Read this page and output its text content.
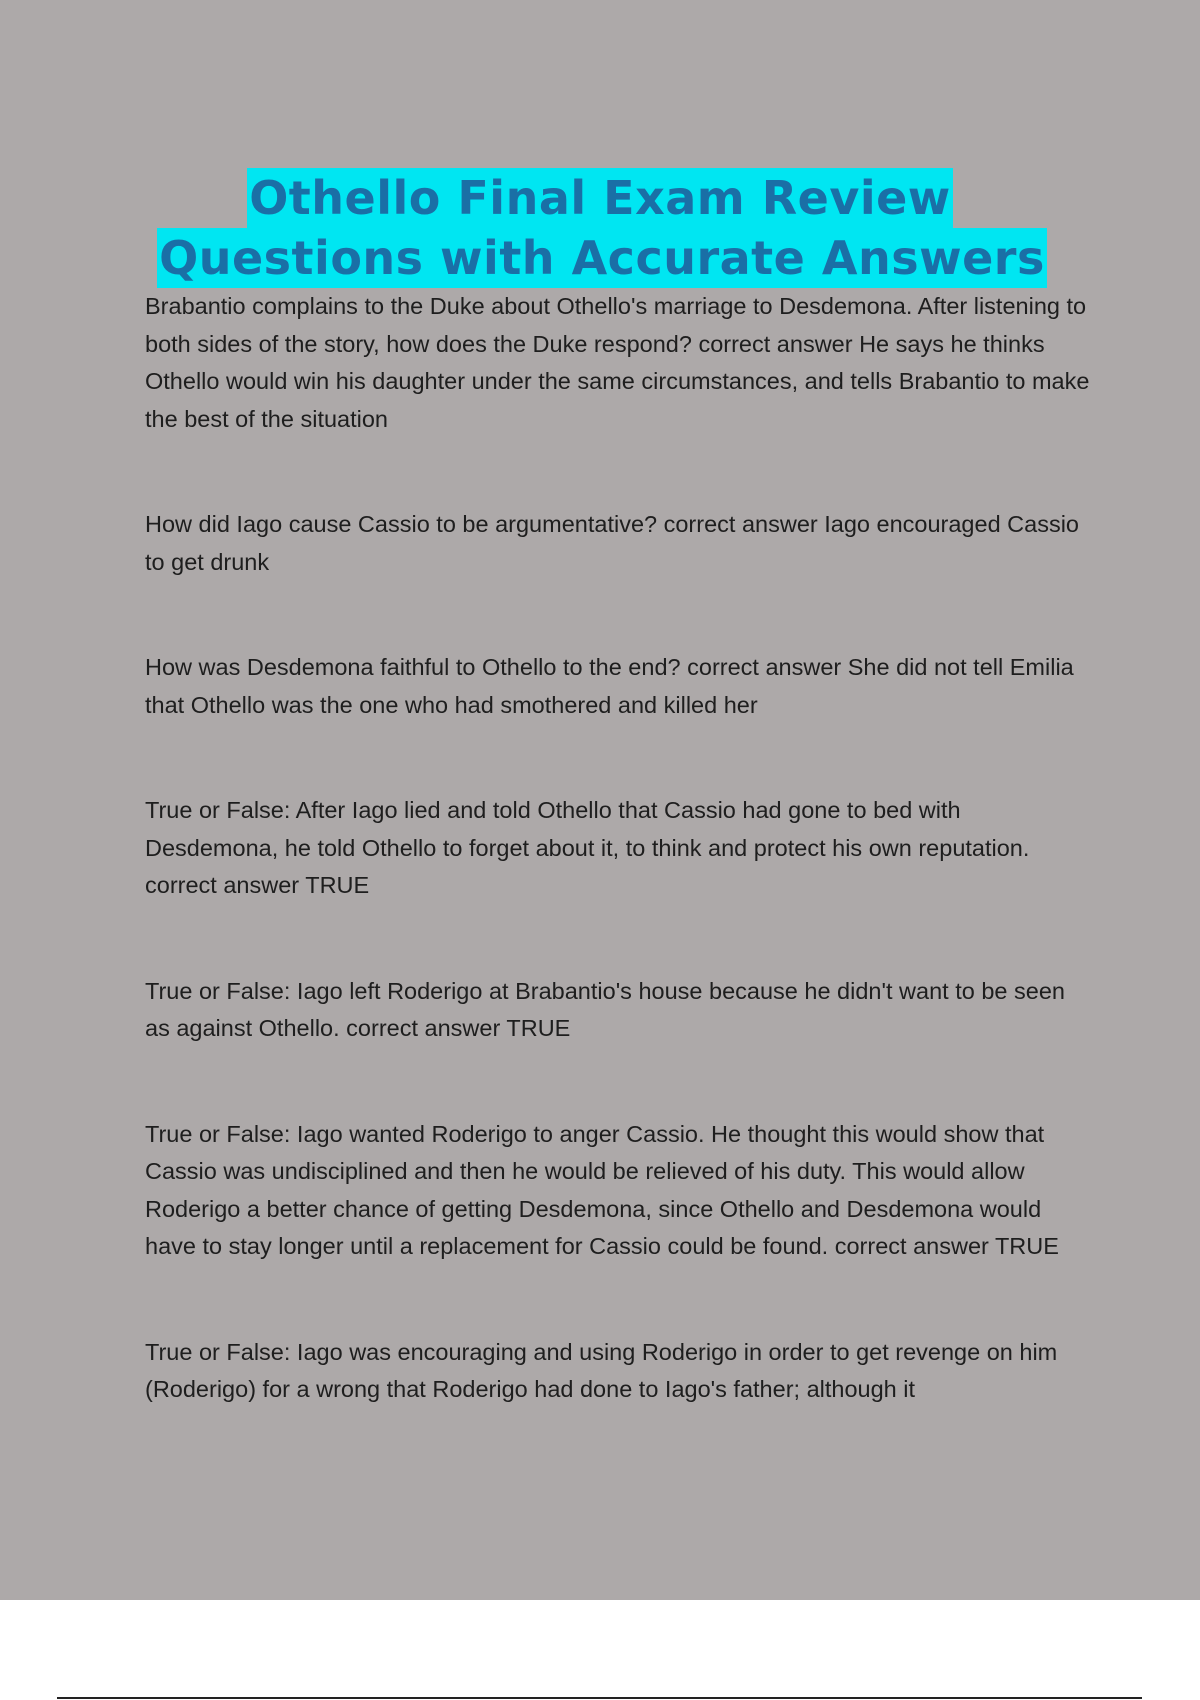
Othello Final Exam Review
Questions with Accurate Answers

Brabantio complains to the Duke about Othello's marriage to Desdemona. After listening to both sides of the story, how does the Duke respond? correct answer He says he thinks Othello would win his daughter under the same circumstances, and tells Brabantio to make the best of the situation

How did Iago cause Cassio to be argumentative? correct answer Iago encouraged Cassio to get drunk

How was Desdemona faithful to Othello to the end? correct answer She did not tell Emilia that Othello was the one who had smothered and killed her

True or False: After Iago lied and told Othello that Cassio had gone to bed with Desdemona, he told Othello to forget about it, to think and protect his own reputation. correct answer TRUE

True or False: Iago left Roderigo at Brabantio's house because he didn't want to be seen as against Othello. correct answer TRUE

True or False: Iago wanted Roderigo to anger Cassio. He thought this would show that Cassio was undisciplined and then he would be relieved of his duty. This would allow Roderigo a better chance of getting Desdemona, since Othello and Desdemona would have to stay longer until a replacement for Cassio could be found. correct answer TRUE

True or False: Iago was encouraging and using Roderigo in order to get revenge on him (Roderigo) for a wrong that Roderigo had done to Iago's father; although it
